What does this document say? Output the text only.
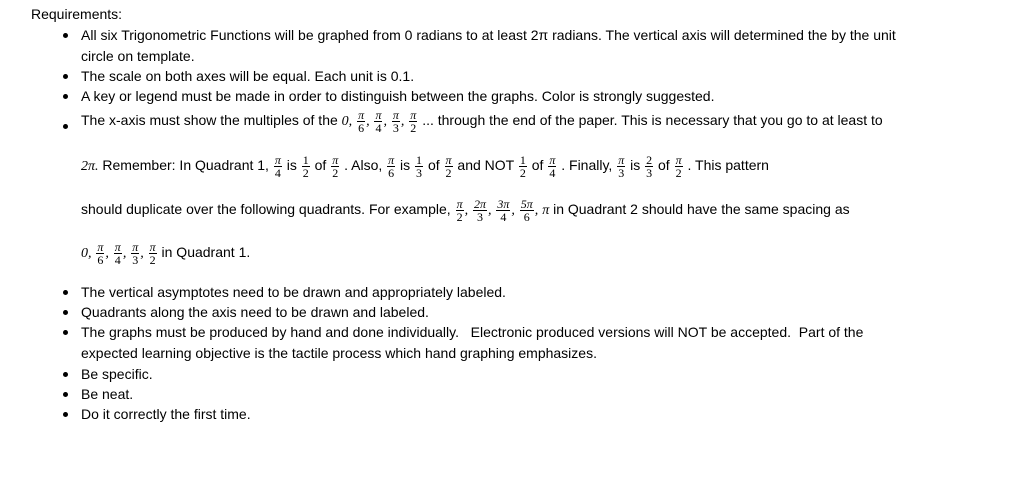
Requirements:
All six Trigonometric Functions will be graphed from 0 radians to at least 2π radians. The vertical axis will determined the by the unit
circle on template.
The scale on both axes will be equal. Each unit is 0.1.
A key or legend must be made in order to distinguish between the graphs. Color is strongly suggested.
The x-axis must show the multiples of the 0, $\frac{\pi}{6}$ , $\frac{\pi}{4}$ , $\frac{\pi}{3}$ , $\frac{\pi}{2}$ ... through the end of the paper. This is necessary that you go to at least to
2π. Remember: In Quadrant 1, $\frac{\pi}{4}$ is $\frac{1}{2}$ of $\frac{\pi}{2}$ . Also, $\frac{\pi}{6}$ is $\frac{1}{3}$ of $\frac{\pi}{2}$ and NOT $\frac{1}{2}$ of $\frac{\pi}{4}$ . Finally, $\frac{\pi}{3}$ is $\frac{2}{3}$ of $\frac{\pi}{2}$ . This pattern
should duplicate over the following quadrants. For example, $\frac{\pi}{2}$ , $\frac{2\pi}{3}$ , $\frac{3\pi}{4}$ , $\frac{5\pi}{6}$ , π in Quadrant 2 should have the same spacing as
0, $\frac{\pi}{6}$ , $\frac{\pi}{4}$ , $\frac{\pi}{3}$ , $\frac{\pi}{2}$ in Quadrant 1.
The vertical asymptotes need to be drawn and appropriately labeled.
Quadrants along the axis need to be drawn and labeled.
The graphs must be produced by hand and done individually.   Electronic produced versions will NOT be accepted.  Part of the
expected learning objective is the tactile process which hand graphing emphasizes.
Be specific.
Be neat.
Do it correctly the first time.
